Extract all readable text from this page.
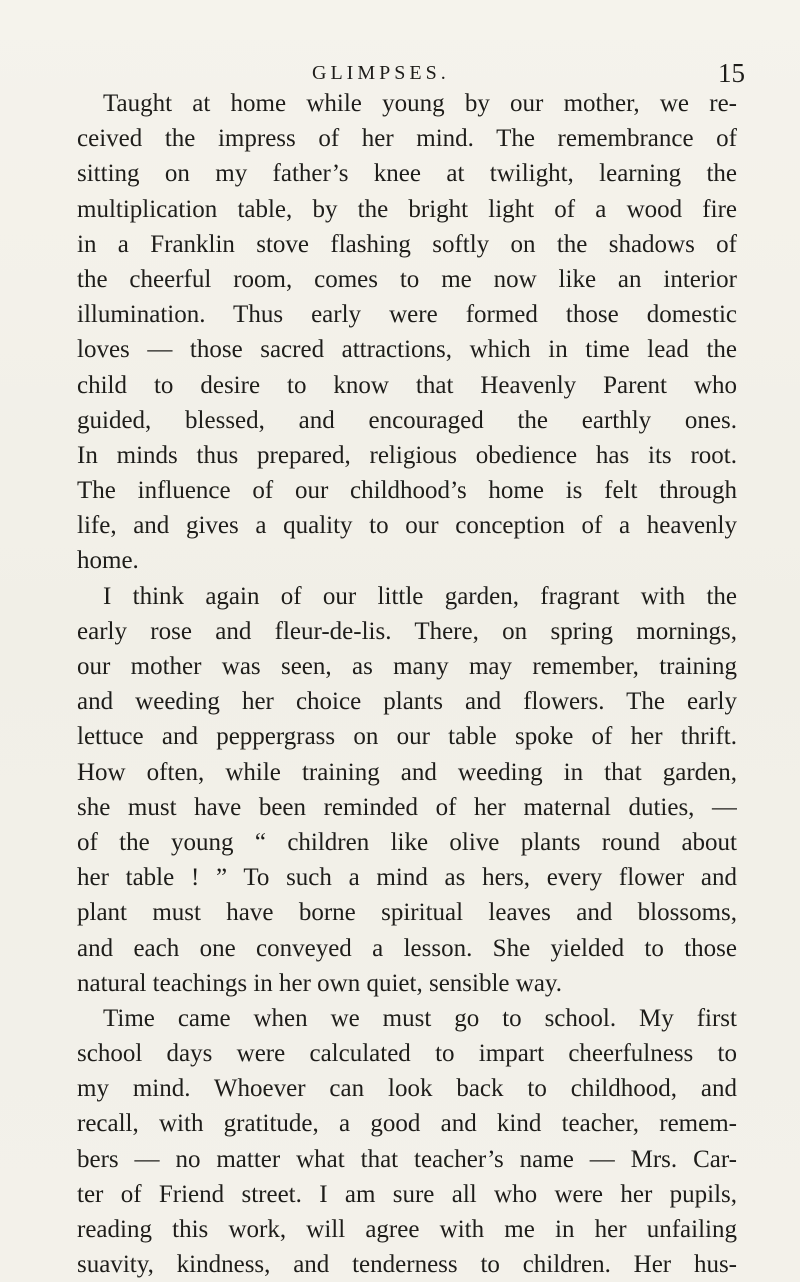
GLIMPSES.	15
Taught at home while young by our mother, we re-
ceived the impress of her mind. The remembrance of
sitting on my father’s knee at twilight, learning the
multiplication table, by the bright light of a wood fire
in a Franklin stove flashing softly on the shadows of
the cheerful room, comes to me now like an interior
illumination. Thus early were formed those domestic
loves — those sacred attractions, which in time lead the
child to desire to know that Heavenly Parent who
guided, blessed, and encouraged the earthly ones.
In minds thus prepared, religious obedience has its root.
The influence of our childhood’s home is felt through
life, and gives a quality to our conception of a heavenly
home.
I think again of our little garden, fragrant with the
early rose and fleur-de-lis. There, on spring mornings,
our mother was seen, as many may remember, training
and weeding her choice plants and flowers. The early
lettuce and peppergrass on our table spoke of her thrift.
How often, while training and weeding in that garden,
she must have been reminded of her maternal duties, —
of the young “ children like olive plants round about
her table ! ” To such a mind as hers, every flower and
plant must have borne spiritual leaves and blossoms,
and each one conveyed a lesson. She yielded to those
natural teachings in her own quiet, sensible way.
Time came when we must go to school. My first
school days were calculated to impart cheerfulness to
my mind. Whoever can look back to childhood, and
recall, with gratitude, a good and kind teacher, remem-
bers — no matter what that teacher’s name — Mrs. Car-
ter of Friend street. I am sure all who were her pupils,
reading this work, will agree with me in her unfailing
suavity, kindness, and tenderness to children. Her hus-
